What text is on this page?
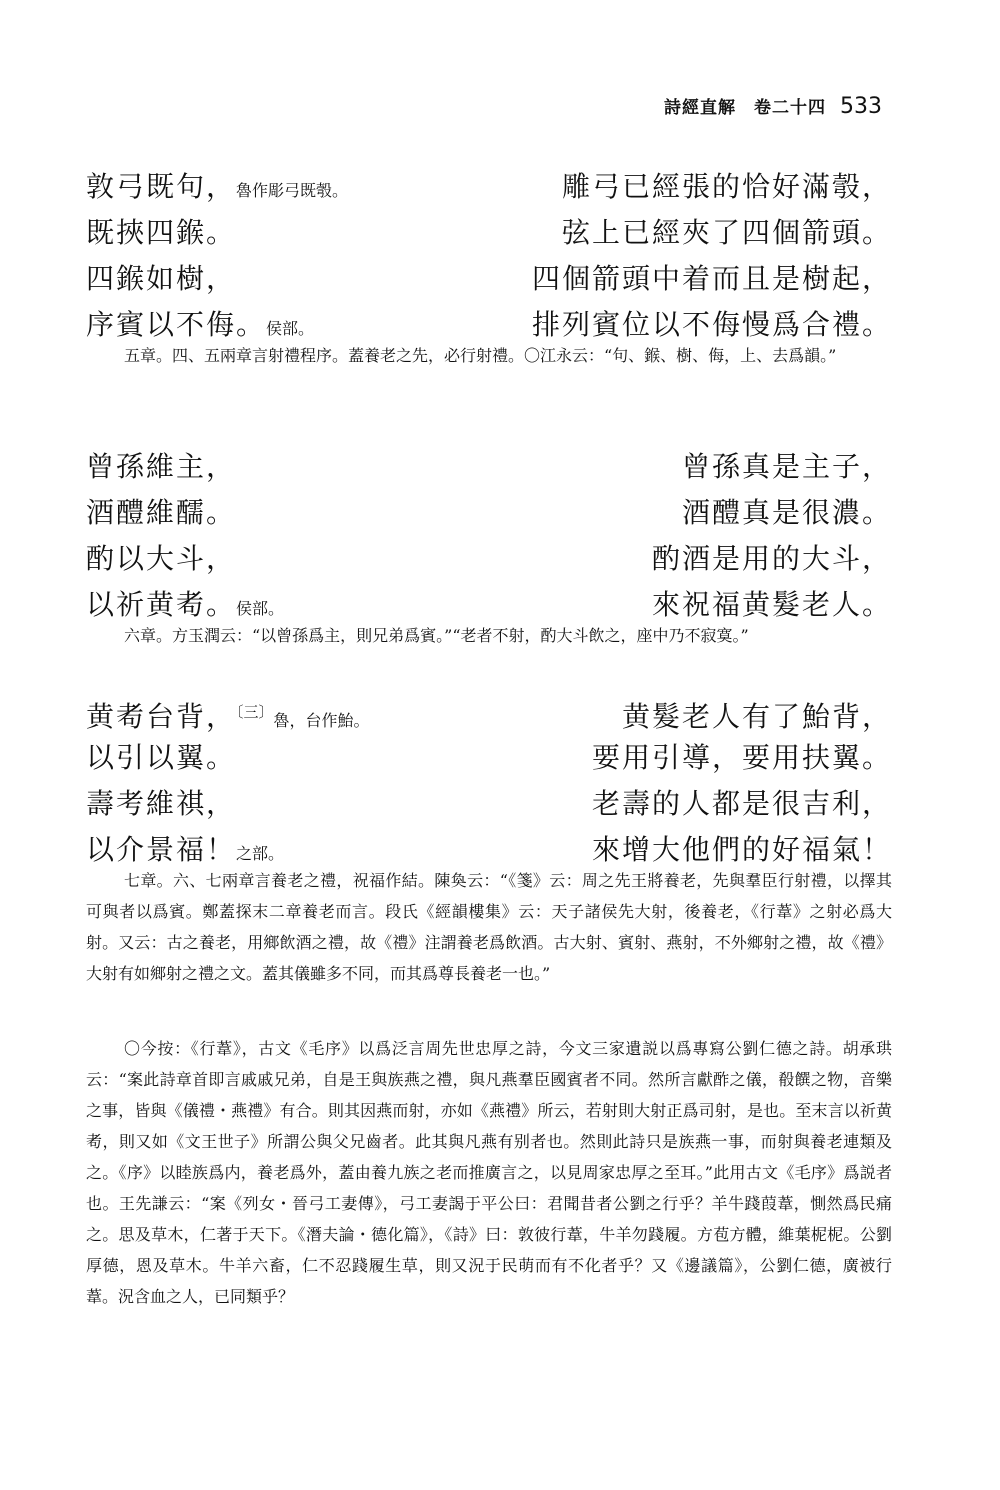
詩經直解　卷二十四 533
敦弓既句，魯作彫弓既彀。	雕弓已經張的恰好滿彀，
既挾四鍭。	弦上已經夾了四個箭頭。
四鍭如樹，	四個箭頭中着而且是樹起，
序賓以不侮。侯部。	排列賓位以不侮慢爲合禮。

五章。四、五兩章言射禮程序。蓋養老之先，必行射禮。〇江永云：“句、鍭、樹、侮，上、去爲韻。”

曾孫維主，	曾孫真是主子，
酒醴維醹。	酒醴真是很濃。
酌以大斗，	酌酒是用的大斗，
以祈黄耇。侯部。	來祝福黄髮老人。

六章。方玉潤云：“以曾孫爲主，則兄弟爲賓。”“老者不射，酌大斗飲之，座中乃不寂寞。”

黄耇台背，$^{〔三〕}$魯，台作鮐。	黄髮老人有了鮐背，
以引以翼。	要用引導，要用扶翼。
壽考維祺，	老壽的人都是很吉利，
以介景福！之部。	來增大他們的好福氣！

七章。六、七兩章言養老之禮，祝福作結。陳奐云：“《箋》云：周之先王將養老，先與羣臣行射禮，以擇其可與者以爲賓。鄭蓋探末二章養老而言。段氏《經韻樓集》云：天子諸侯先大射，後養老，《行葦》之射必爲大射。又云：古之養老，用鄉飲酒之禮，故《禮》注謂養老爲飲酒。古大射、賓射、燕射，不外鄉射之禮，故《禮》大射有如鄉射之禮之文。蓋其儀雖多不同，而其爲尊長養老一也。”

〇今按：《行葦》，古文《毛序》以爲泛言周先世忠厚之詩，今文三家遺説以爲專寫公劉仁德之詩。胡承珙云：“案此詩章首即言戚戚兄弟，自是王與族燕之禮，與凡燕羣臣國賓者不同。然所言獻酢之儀，殽饌之物，音樂之事，皆與《儀禮・燕禮》有合。則其因燕而射，亦如《燕禮》所云，若射則大射正爲司射，是也。至末言以祈黄耇，則又如《文王世子》所謂公與父兄齒者。此其與凡燕有别者也。然則此詩只是族燕一事，而射與養老連類及之。《序》以睦族爲内，養老爲外，蓋由養九族之老而推廣言之，以見周家忠厚之至耳。”此用古文《毛序》爲説者也。王先謙云：“案《列女・晉弓工妻傳》，弓工妻謁于平公曰：君聞昔者公劉之行乎？羊牛踐葭葦，惻然爲民痛之。思及草木，仁著于天下。《潛夫論・德化篇》，《詩》曰：敦彼行葦，牛羊勿踐履。方苞方體，維葉柅柅。公劉厚德，恩及草木。牛羊六畜，仁不忍踐履生草，則又況于民萌而有不化者乎？又《邊議篇》，公劉仁德，廣被行葦。況含血之人，已同類乎？
